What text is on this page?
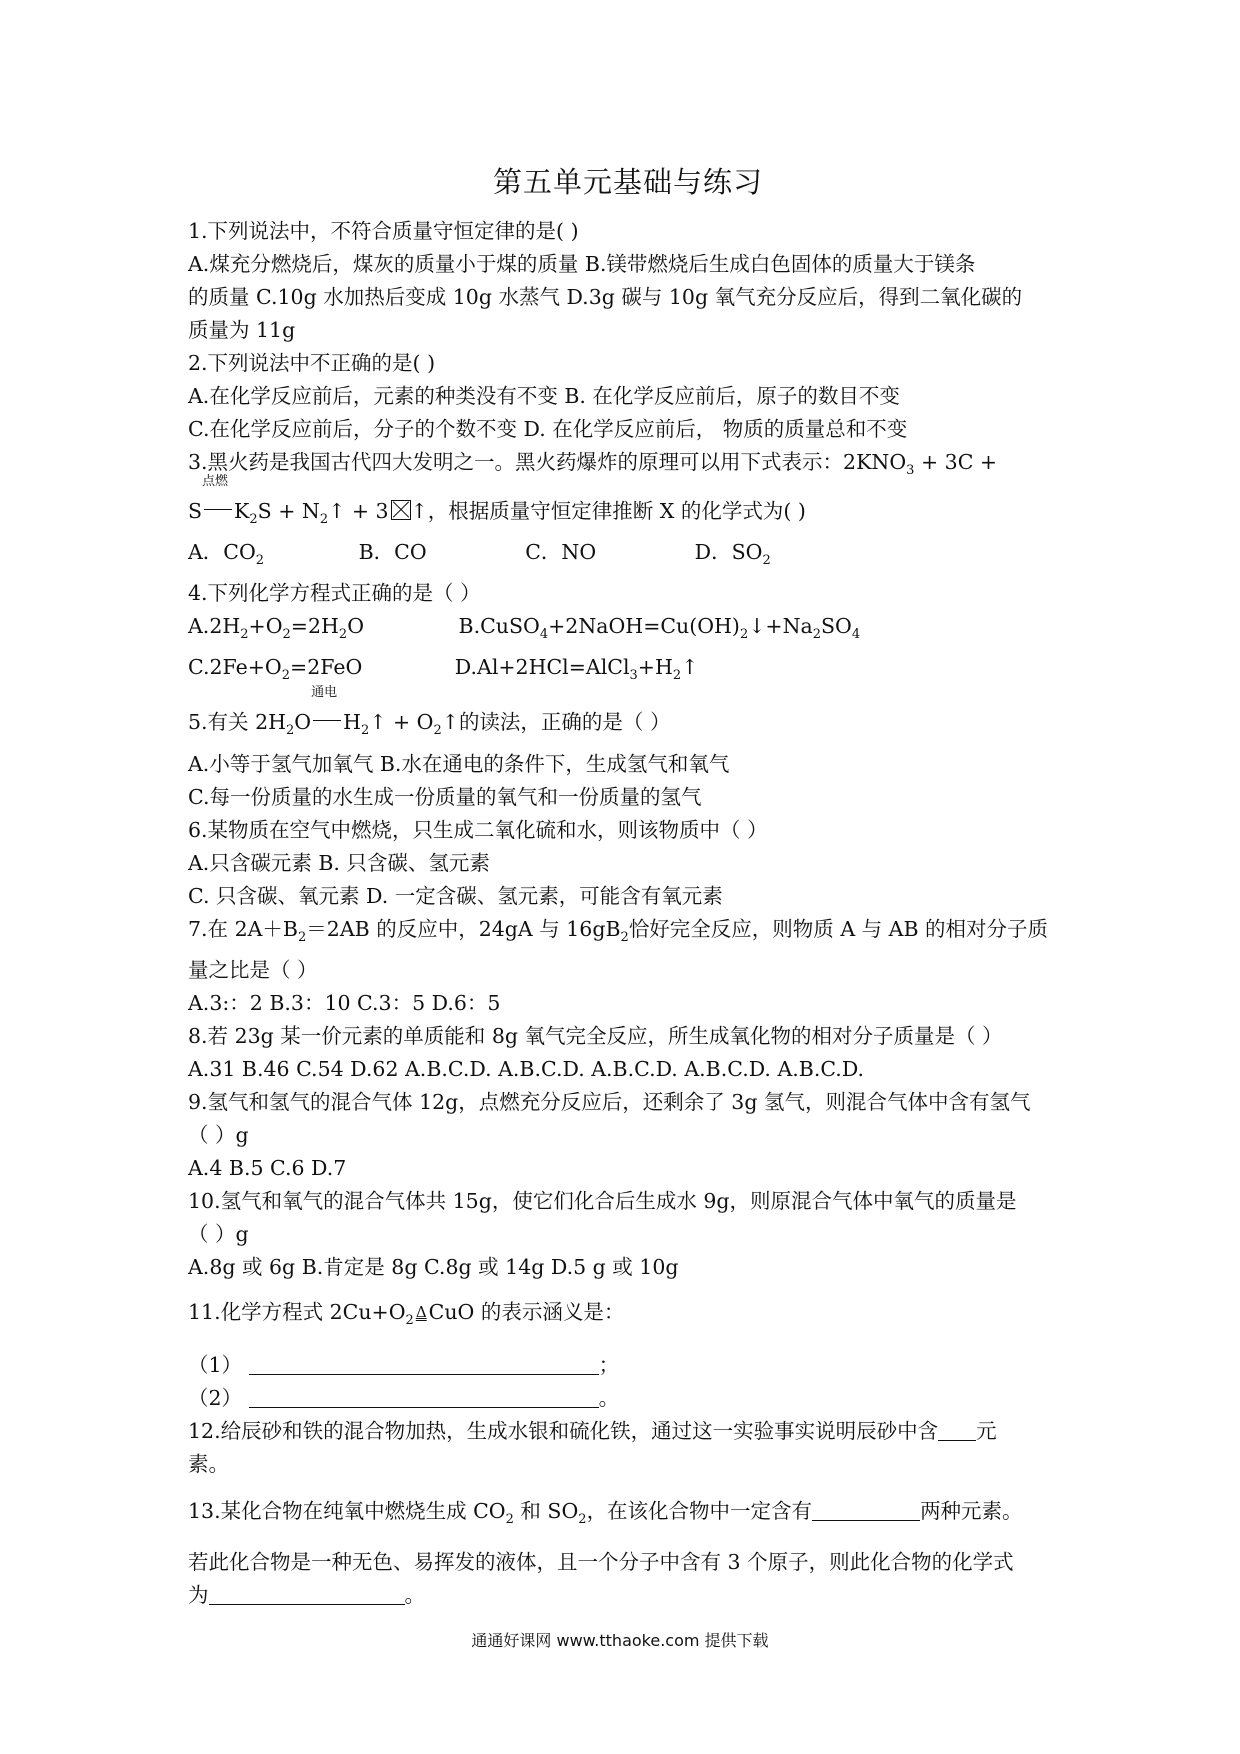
第五单元基础与练习
1.下列说法中，不符合质量守恒定律的是( )
A.煤充分燃烧后，煤灰的质量小于煤的质量 B.镁带燃烧后生成白色固体的质量大于镁条
的质量 C.10g 水加热后变成 10g 水蒸气 D.3g 碳与 10g 氧气充分反应后，得到二氧化碳的
质量为 11g
2.下列说法中不正确的是( )
A.在化学反应前后，元素的种类没有不变 B. 在化学反应前后，原子的数目不变
C.在化学反应前后，分子的个数不变 D. 在化学反应前后， 物质的质量总和不变
3.黑火药是我国古代四大发明之一。黑火药爆炸的原理可以用下式表示：$2KNO_3 + 3C$ +
S
点燃
$K_2S$ + $N_2↑ + 3$ ↑，根据质量守恒定律推断 X 的化学式为( )
A．$CO_2$	B．CO	C．NO	D．$SO_2$
4.下列化学方程式正确的是（ ）
$A.2H_2+O_2=2H_2O$	$B.CuSO_4+2NaOH=Cu(OH)_2↓+Na_2SO_4$
$C.2Fe+O_2=2FeO$	$D.Al+2HCl=AlCl_3+H_2↑$
5.有关 $2H_2O$
通电
$H_2↑$ + $O_2↑$的读法，正确的是（ ）
A.小等于氢气加氧气 B.水在通电的条件下，生成氢气和氧气
C.每一份质量的水生成一份质量的氧气和一份质量的氢气
6.某物质在空气中燃烧，只生成二氧化硫和水，则该物质中（ ）
A.只含碳元素 B. 只含碳、氢元素
C. 只含碳、氧元素 D. 一定含碳、氢元素，可能含有氧元素
7.在 $2A+B_2=2AB$ 的反应中，24gA 与 $16gB_2$恰好完全反应，则物质 A 与 AB 的相对分子质
量之比是（ ）
A.3:：2 B.3：10 C.3：5 D.6：5
8.若 23g 某一价元素的单质能和 8g 氧气完全反应，所生成氧化物的相对分子质量是（ ）
A.31 B.46 C.54 D.62 A.B.C.D. A.B.C.D. A.B.C.D. A.B.C.D. A.B.C.D.
9.氢气和氢气的混合气体 12g，点燃充分反应后，还剩余了 3g 氢气，则混合气体中含有氢气
（ ）g
A.4 B.5 C.6 D.7
10.氢气和氧气的混合气体共 15g，使它们化合后生成水 9g，则原混合气体中氧气的质量是
（ ）g
A.8g 或 6g B.肯定是 8g C.8g 或 14g D.5 g 或 10g
11.化学方程式 $2Cu+O_2$ ΔCuO 的表示涵义是：
（1）	；
（2）	。
12.给辰砂和铁的混合物加热，生成水银和硫化铁，通过这一实验事实说明辰砂中含 元
素。
13.某化合物在纯氧中燃烧生成 $CO_2$ 和 $SO_2$，在该化合物中一定含有	两种元素。
若此化合物是一种无色、易挥发的液体，且一个分子中含有 3 个原子，则此化合物的化学式
为	。
通通好课网 www.tthaoke.com 提供下载
